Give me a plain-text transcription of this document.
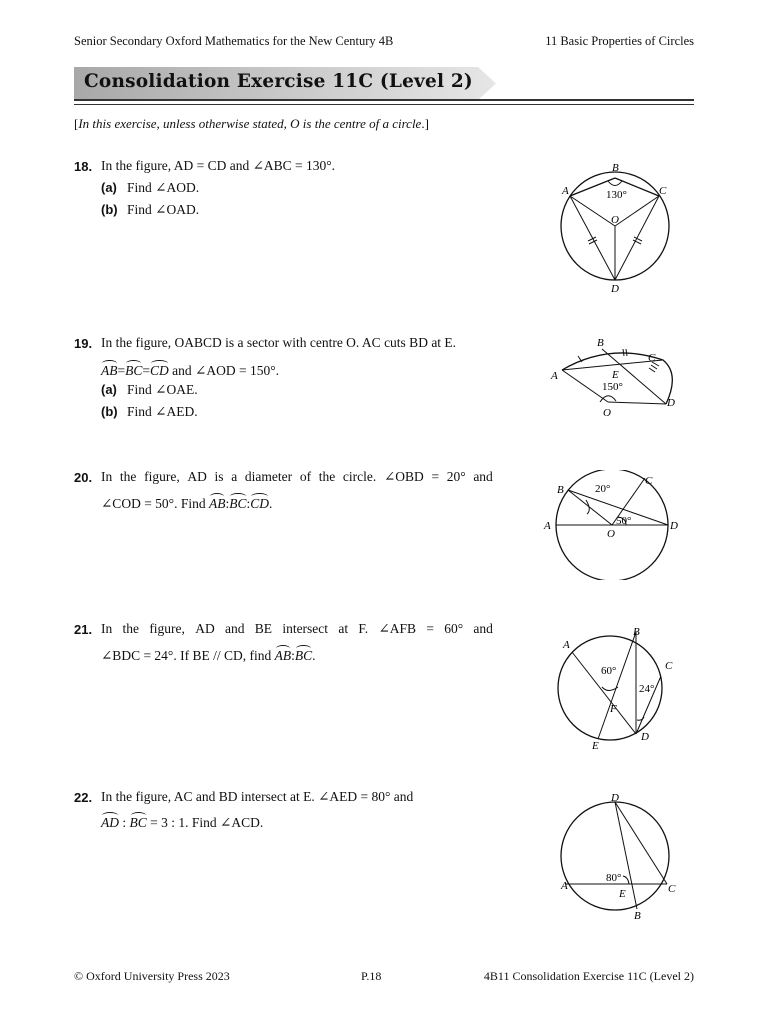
Senior Secondary Oxford Mathematics for the New Century 4B	11 Basic Properties of Circles
Consolidation Exercise 11C (Level 2)
[In this exercise, unless otherwise stated, O is the centre of a circle.]
18. In the figure, AD = CD and ∠ABC = 130°.
(a) Find ∠AOD.
(b) Find ∠OAD.
B
A	C
D
O
130°
19. In the figure, OABCD is a sector with centre O. AC cuts BD at E.
AB=BC=CD and ∠AOD = 150°.
(a) Find ∠OAE.
(b) Find ∠AED.
B
A
C
D
E
O
150°
20. In the figure, AD is a diameter of the circle. ∠OBD = 20° and
∠COD = 50°. Find AB:BC:CD.
B
A
C
D
O
20°
50°
21. In the figure, AD and BE intersect at F. ∠AFB = 60° and
∠BDC = 24°. If BE // CD, find AB:BC.
B
A
C
D
E
F
60°
24°
22. In the figure, AC and BD intersect at E. ∠AED = 80° and
AD : BC = 3 : 1. Find ∠ACD.
D
A	C
B
E
80°
© Oxford University Press 2023	P.18	4B11 Consolidation Exercise 11C (Level 2)
